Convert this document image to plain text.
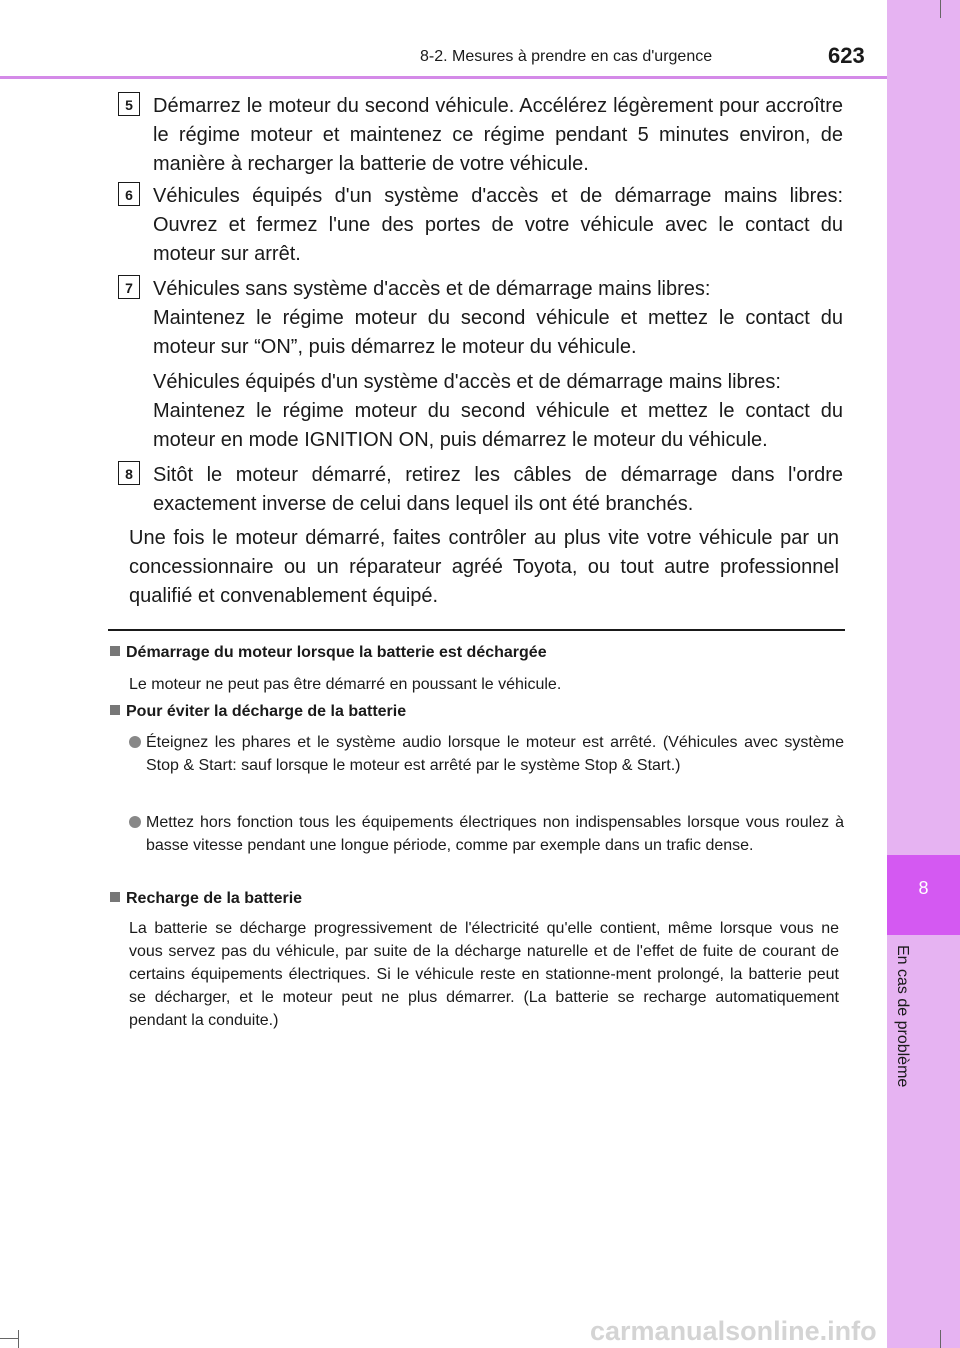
8
En cas de problème
8-2. Mesures à prendre en cas d'urgence	623
5	Démarrez le moteur du second véhicule. Accélérez légèrement pour accroître le régime moteur et maintenez ce régime pendant 5 minutes environ, de manière à recharger la batterie de votre véhicule.
6	Véhicules équipés d'un système d'accès et de démarrage mains libres: Ouvrez et fermez l'une des portes de votre véhicule avec le contact du moteur sur arrêt.
7	Véhicules sans système d'accès et de démarrage mains libres:
Maintenez le régime moteur du second véhicule et mettez le contact du moteur sur “ON”, puis démarrez le moteur du véhicule.
Véhicules équipés d'un système d'accès et de démarrage mains libres:
Maintenez le régime moteur du second véhicule et mettez le contact du moteur en mode IGNITION ON, puis démarrez le moteur du véhicule.
8	Sitôt le moteur démarré, retirez les câbles de démarrage dans l'ordre exactement inverse de celui dans lequel ils ont été branchés.
Une fois le moteur démarré, faites contrôler au plus vite votre véhicule par un concessionnaire ou un réparateur agréé Toyota, ou tout autre professionnel qualifié et convenablement équipé.
Démarrage du moteur lorsque la batterie est déchargée
Le moteur ne peut pas être démarré en poussant le véhicule.
Pour éviter la décharge de la batterie
Éteignez les phares et le système audio lorsque le moteur est arrêté. (Véhicules avec système Stop & Start: sauf lorsque le moteur est arrêté par le système Stop & Start.)
Mettez hors fonction tous les équipements électriques non indispensables lorsque vous roulez à basse vitesse pendant une longue période, comme par exemple dans un trafic dense.
Recharge de la batterie
La batterie se décharge progressivement de l'électricité qu'elle contient, même lorsque vous ne vous servez pas du véhicule, par suite de la décharge naturelle et de l'effet de fuite de courant de certains équipements électriques. Si le véhicule reste en stationne-ment prolongé, la batterie peut se décharger, et le moteur peut ne plus démarrer. (La batterie se recharge automatiquement pendant la conduite.)
carmanualsonline.info
